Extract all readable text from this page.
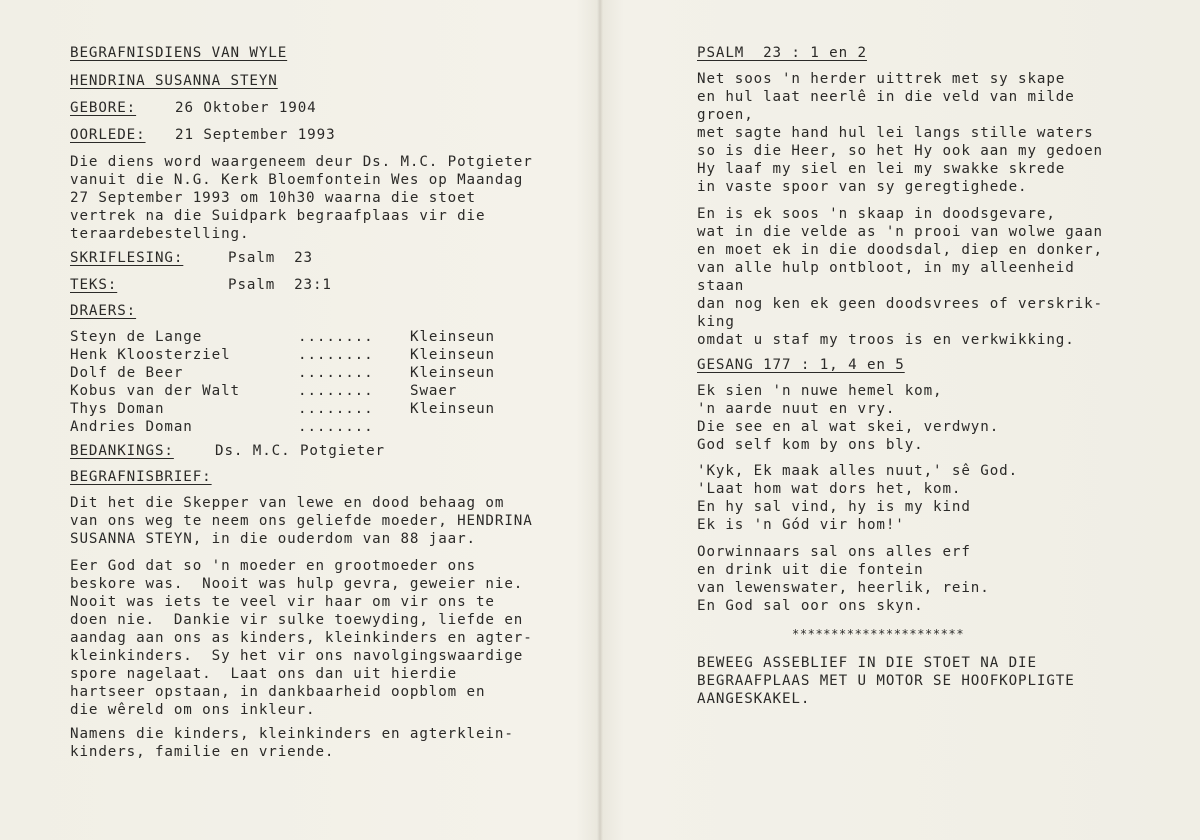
BEGRAFNISDIENS VAN WYLE
HENDRINA SUSANNA STEYN
GEBORE:	26 Oktober 1904
OORLEDE: 21 September 1993
Die diens word waargeneem deur Ds. M.C. Potgieter
vanuit die N.G. Kerk Bloemfontein Wes op Maandag
27 September 1993 om 10h30 waarna die stoet
vertrek na die Suidpark begraafplaas vir die
teraardebestelling.
SKRIFLESING:	Psalm  23
TEKS:	Psalm  23:1
DRAERS:
Steyn de Lange	........	Kleinseun
Henk Kloosterziel	........	Kleinseun
Dolf de Beer	........	Kleinseun
Kobus van der Walt	........	Swaer
Thys Doman	........	Kleinseun
Andries Doman	........
BEDANKINGS:	Ds. M.C. Potgieter
BEGRAFNISBRIEF:
Dit het die Skepper van lewe en dood behaag om
van ons weg te neem ons geliefde moeder, HENDRINA
SUSANNA STEYN, in die ouderdom van 88 jaar.
Eer God dat so 'n moeder en grootmoeder ons
beskore was.  Nooit was hulp gevra, geweier nie.
Nooit was iets te veel vir haar om vir ons te
doen nie.  Dankie vir sulke toewyding, liefde en
aandag aan ons as kinders, kleinkinders en agter-
kleinkinders.  Sy het vir ons navolgingswaardige
spore nagelaat.  Laat ons dan uit hierdie
hartseer opstaan, in dankbaarheid oopblom en
die wêreld om ons inkleur.
Namens die kinders, kleinkinders en agterklein-
kinders, familie en vriende.
PSALM  23 : 1 en 2
Net soos 'n herder uittrek met sy skape
en hul laat neerlê in die veld van milde
groen,
met sagte hand hul lei langs stille waters
so is die Heer, so het Hy ook aan my gedoen
Hy laaf my siel en lei my swakke skrede
in vaste spoor van sy geregtighede.
En is ek soos 'n skaap in doodsgevare,
wat in die velde as 'n prooi van wolwe gaan
en moet ek in die doodsdal, diep en donker,
van alle hulp ontbloot, in my alleenheid
staan
dan nog ken ek geen doodsvrees of verskrik-
king
omdat u staf my troos is en verkwikking.
GESANG 177 : 1, 4 en 5
Ek sien 'n nuwe hemel kom,
'n aarde nuut en vry.
Die see en al wat skei, verdwyn.
God self kom by ons bly.
'Kyk, Ek maak alles nuut,' sê God.
'Laat hom wat dors het, kom.
En hy sal vind, hy is my kind
Ek is 'n Gód vir hom!'
Oorwinnaars sal ons alles erf
en drink uit die fontein
van lewenswater, heerlik, rein.
En God sal oor ons skyn.
**********************
BEWEEG ASSEBLIEF IN DIE STOET NA DIE
BEGRAAFPLAAS MET U MOTOR SE HOOFKOPLIGTE
AANGESKAKEL.
